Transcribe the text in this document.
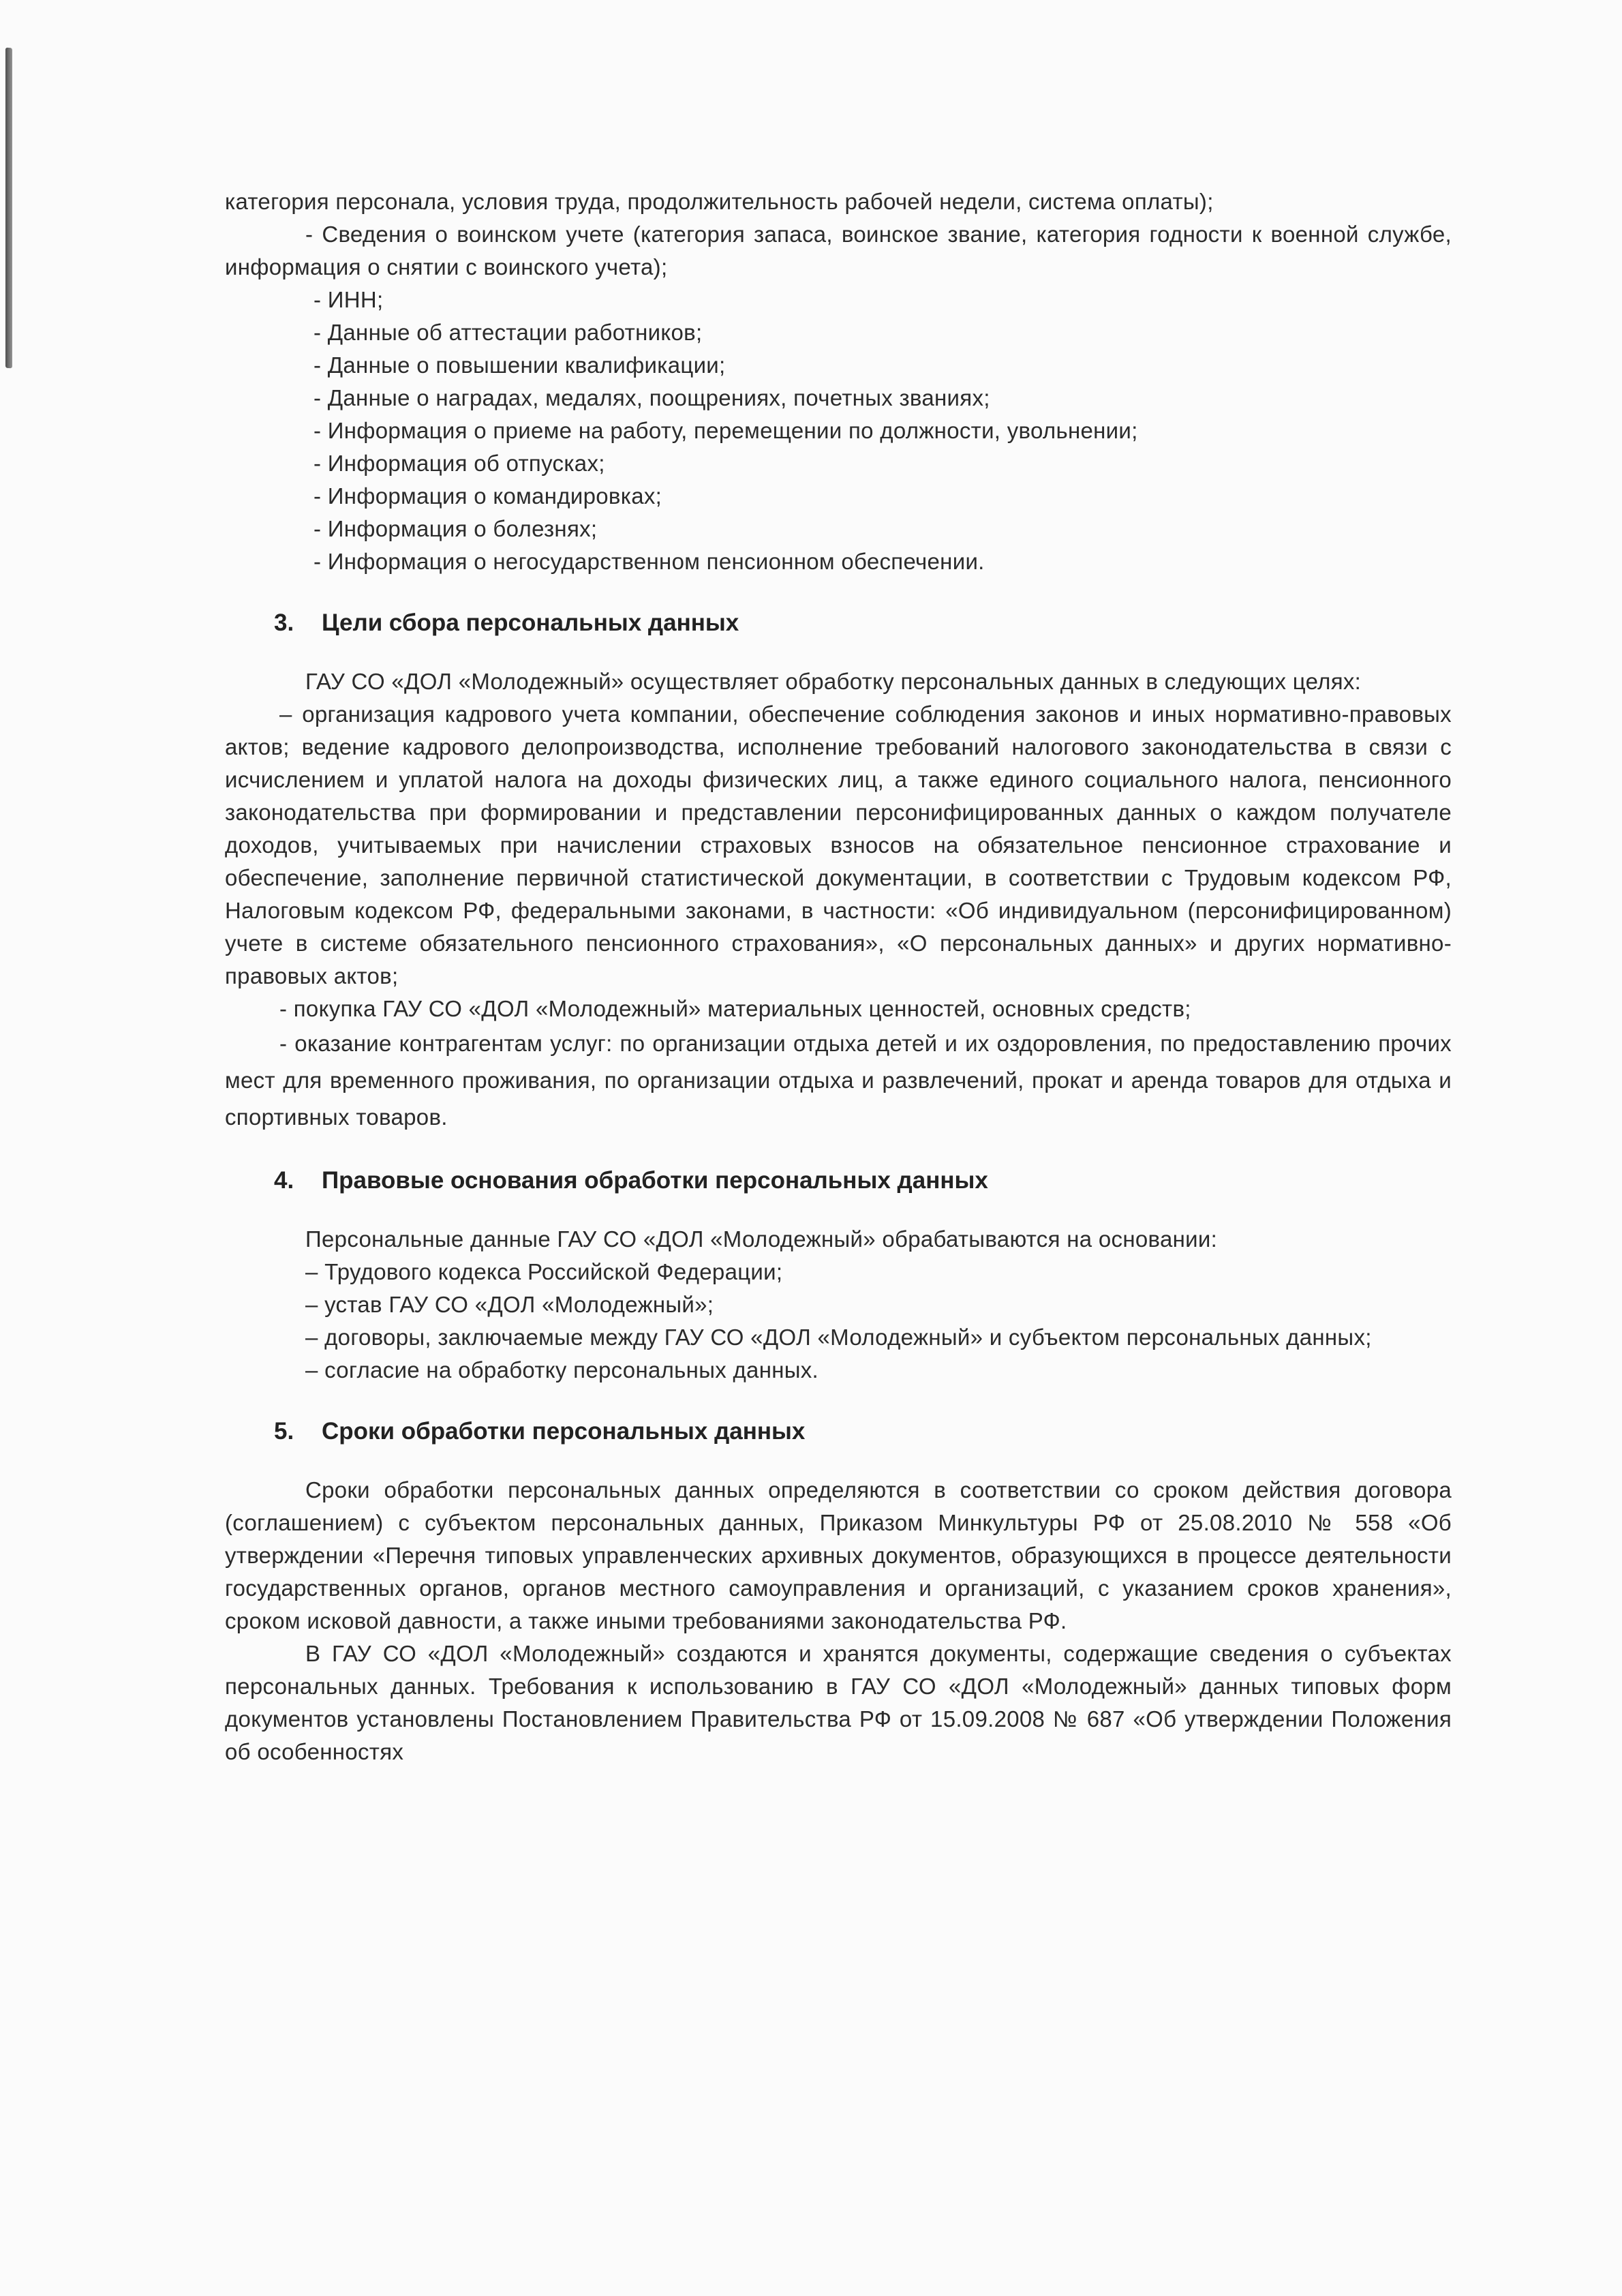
категория персонала, условия труда, продолжительность рабочей недели, система оплаты);

- Сведения о воинском учете (категория запаса, воинское звание, категория годности к военной службе, информация о снятии с воинского учета);

- ИНН;

- Данные об аттестации работников;

- Данные о повышении квалификации;

- Данные о наградах, медалях, поощрениях, почетных званиях;

- Информация о приеме на работу, перемещении по должности, увольнении;

- Информация об отпусках;

- Информация о командировках;

- Информация о болезнях;

- Информация о негосударственном пенсионном обеспечении.

3. Цели сбора персональных данных

ГАУ СО «ДОЛ «Молодежный» осуществляет обработку персональных данных в следующих целях:

– организация кадрового учета компании, обеспечение соблюдения законов и иных нормативно-правовых актов; ведение кадрового делопроизводства, исполнение требований налогового законодательства в связи с исчислением и уплатой налога на доходы физических лиц, а также единого социального налога, пенсионного законодательства при формировании и представлении персонифицированных данных о каждом получателе доходов, учитываемых при начислении страховых взносов на обязательное пенсионное страхование и обеспечение, заполнение первичной статистической документации, в соответствии с Трудовым кодексом РФ, Налоговым кодексом РФ, федеральными законами, в частности: «Об индивидуальном (персонифицированном) учете в системе обязательного пенсионного страхования», «О персональных данных» и других нормативно-правовых актов;

- покупка ГАУ СО «ДОЛ «Молодежный» материальных ценностей, основных средств;

- оказание контрагентам услуг: по организации отдыха детей и их оздоровления, по предоставлению прочих мест для временного проживания, по организации отдыха и развлечений, прокат и аренда товаров для отдыха и спортивных товаров.

4. Правовые основания обработки персональных данных

Персональные данные ГАУ СО «ДОЛ «Молодежный» обрабатываются на основании:

– Трудового кодекса Российской Федерации;

– устав ГАУ СО «ДОЛ «Молодежный»;

– договоры, заключаемые между ГАУ СО «ДОЛ «Молодежный» и субъектом персональных данных;

– согласие на обработку персональных данных.

5. Сроки обработки персональных данных

Сроки обработки персональных данных определяются в соответствии со сроком действия договора (соглашением) с субъектом персональных данных, Приказом Минкультуры РФ от 25.08.2010 № 558 «Об утверждении «Перечня типовых управленческих архивных документов, образующихся в процессе деятельности государственных органов, органов местного самоуправления и организаций, с указанием сроков хранения», сроком исковой давности, а также иными требованиями законодательства РФ.

В ГАУ СО «ДОЛ «Молодежный» создаются и хранятся документы, содержащие сведения о субъектах персональных данных. Требования к использованию в ГАУ СО «ДОЛ «Молодежный» данных типовых форм документов установлены Постановлением Правительства РФ от 15.09.2008 № 687 «Об утверждении Положения об особенностях
